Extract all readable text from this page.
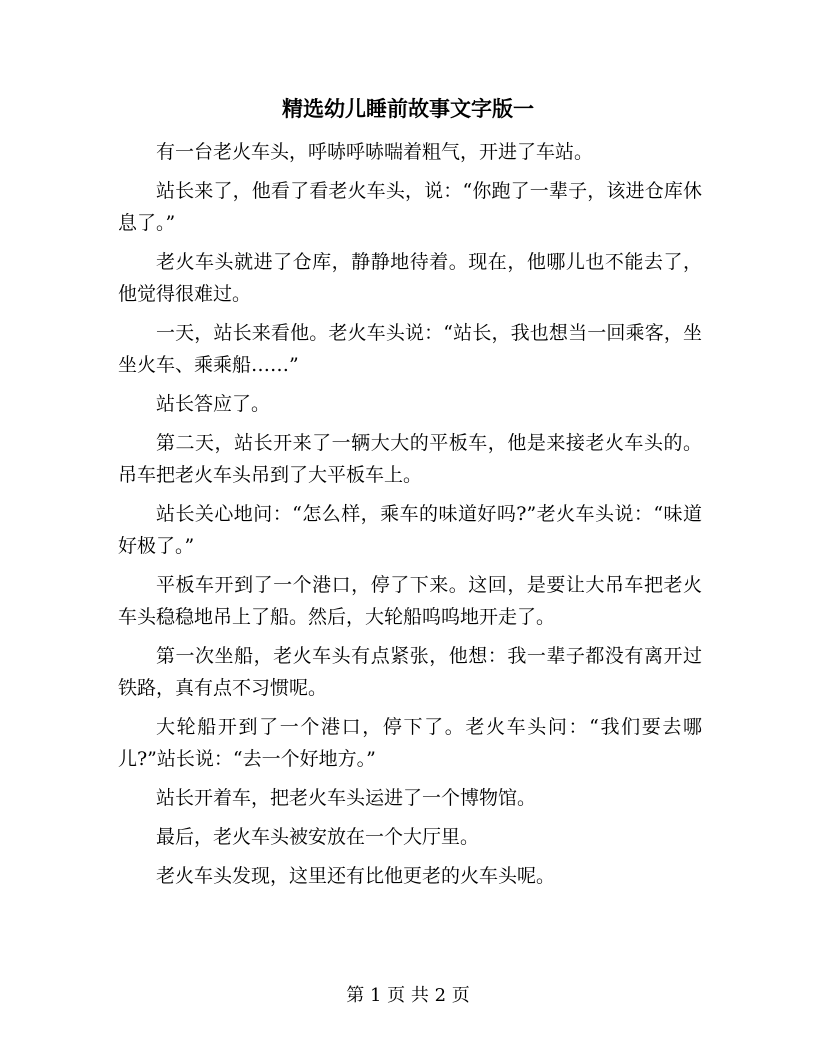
精选幼儿睡前故事文字版一

有一台老火车头，呼哧呼哧喘着粗气，开进了车站。

站长来了，他看了看老火车头，说：“你跑了一辈子，该进仓库休息了。”

老火车头就进了仓库，静静地待着。现在，他哪儿也不能去了，他觉得很难过。

一天，站长来看他。老火车头说：“站长，我也想当一回乘客，坐坐火车、乘乘船……”

站长答应了。

第二天，站长开来了一辆大大的平板车，他是来接老火车头的。吊车把老火车头吊到了大平板车上。

站长关心地问：“怎么样，乘车的味道好吗?”老火车头说：“味道好极了。”

平板车开到了一个港口，停了下来。这回，是要让大吊车把老火车头稳稳地吊上了船。然后，大轮船呜呜地开走了。

第一次坐船，老火车头有点紧张，他想：我一辈子都没有离开过铁路，真有点不习惯呢。

大轮船开到了一个港口，停下了。老火车头问：“我们要去哪儿?”站长说：“去一个好地方。”

站长开着车，把老火车头运进了一个博物馆。

最后，老火车头被安放在一个大厅里。

老火车头发现，这里还有比他更老的火车头呢。

第 1 页 共 2 页
